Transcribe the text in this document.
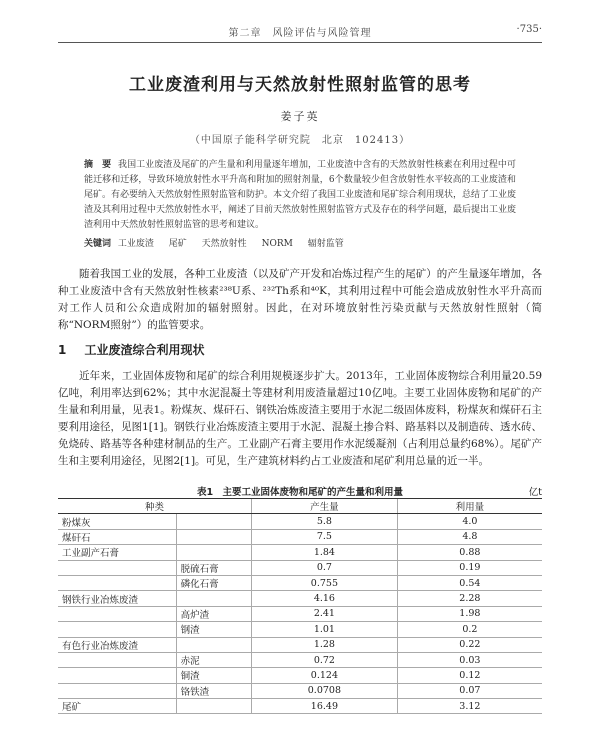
第二章　风险评估与风险管理	·735·
工业废渣利用与天然放射性照射监管的思考
姜子英
（中国原子能科学研究院　北京　102413）
摘　要 我国工业废渣及尾矿的产生量和利用量逐年增加，工业废渣中含有的天然放射性核素在利用过程中可能迁移和迁移，导致环境放射性水平升高和附加的照射剂量，6个数量较少但含放射性水平较高的工业废渣和尾矿。有必要纳入天然放射性照射监管和防护。本文介绍了我国工业废渣和尾矿综合利用现状，总结了工业废渣及其利用过程中天然放射性水平，阐述了目前天然放射性照射监管方式及存在的科学问题，最后提出工业废渣利用中天然放射性照射监管的思考和建议。
关键词 工业废渣 尾矿 天然放射性 NORM 辐射监管

随着我国工业的发展，各种工业废渣（以及矿产开发和冶炼过程产生的尾矿）的产生量逐年增加，各种工业废渣中含有天然放射性核素²³⁸U系、²³²Th系和⁴⁰K，其利用过程中可能会造成放射性水平升高而对工作人员和公众造成附加的辐射照射。因此，在对环境放射性污染贡献与天然放射性照射（简称“NORM照射”）的监管要求。

1 工业废渣综合利用现状

近年来，工业固体废物和尾矿的综合利用规模逐步扩大。2013年，工业固体废物综合利用量20.59亿吨，利用率达到62%；其中水泥混凝土等建材利用废渣量超过10亿吨。主要工业固体废物和尾矿的产生量和利用量，见表1。粉煤灰、煤矸石、钢铁冶炼废渣主要用于水泥二级固体废料，粉煤灰和煤矸石主要利用途径，见图1[1]。钢铁行业冶炼废渣主要用于水泥、混凝土掺合料、路基料以及制造砖、透水砖、免烧砖、路基等各种建材制品的生产。工业副产石膏主要用作水泥缓凝剂（占利用总量约68%）。尾矿产生和主要利用途径，见图2[1]。可见，生产建筑材料约占工业废渣和尾矿利用总量的近一半。

表1　主要工业固体废物和尾矿的产生量和利用量	亿t
种类		产生量	利用量
粉煤灰		5.8	4.0
煤矸石		7.5	4.8
工业副产石膏		1.84	0.88
	脱硫石膏	0.7	0.19
	磷化石膏	0.755	0.54
钢铁行业冶炼废渣		4.16	2.28
	高炉渣	2.41	1.98
	钢渣	1.01	0.2
有色行业冶炼废渣		1.28	0.22
	赤泥	0.72	0.03
	铜渣	0.124	0.12
	铬铁渣	0.0708	0.07
尾矿		16.49	3.12
